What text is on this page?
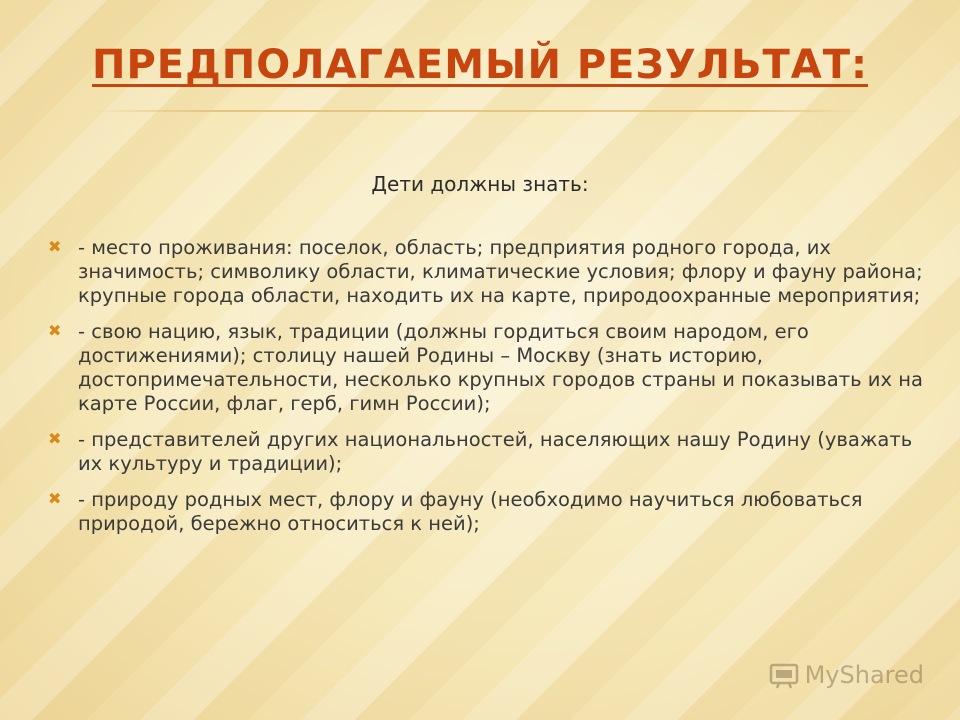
ПРЕДПОЛАГАЕМЫЙ РЕЗУЛЬТАТ:

Дети должны знать:

✖ - место проживания: поселок, область; предприятия родного города, их значимость; символику области, климатические условия; флору и фауну района; крупные города области, находить их на карте, природоохранные мероприятия;
✖ - свою нацию, язык, традиции (должны гордиться своим народом, его достижениями); столицу нашей Родины – Москву (знать историю, достопримечательности, несколько крупных городов страны и показывать их на карте России, флаг, герб, гимн России);
✖ - представителей других национальностей, населяющих нашу Родину (уважать их культуру и традиции);
✖ - природу родных мест, флору и фауну (необходимо научиться любоваться природой, бережно относиться к ней);
MyShared
